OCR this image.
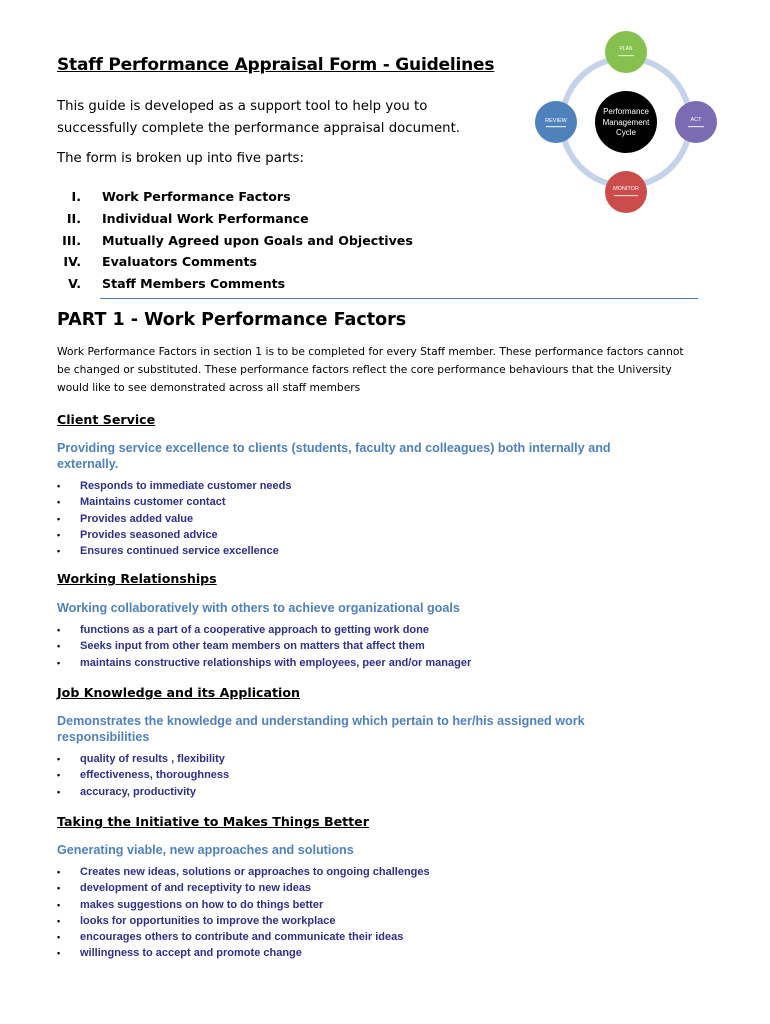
Staff Performance Appraisal Form - Guidelines

This guide is developed as a support tool to help you to successfully complete the performance appraisal document.

The form is broken up into five parts:

I. Work Performance Factors
II. Individual Work Performance
III. Mutually Agreed upon Goals and Objectives
IV. Evaluators Comments
V. Staff Members Comments
Performance
Management
Cycle
PLAN
REVIEW	ACT
MONITOR
PART 1 - Work Performance Factors

Work Performance Factors in section 1 is to be completed for every Staff member. These performance factors cannot be changed or substituted. These performance factors reflect the core performance behaviours that the University would like to see demonstrated across all staff members

Client Service

Providing service excellence to clients (students, faculty and colleagues) both internally and externally.

• Responds to immediate customer needs
• Maintains customer contact
• Provides added value
• Provides seasoned advice
• Ensures continued service excellence
Working Relationships

Working collaboratively with others to achieve organizational goals

• functions as a part of a cooperative approach to getting work done
• Seeks input from other team members on matters that affect them
• maintains constructive relationships with employees, peer and/or manager
Job Knowledge and its Application

Demonstrates the knowledge and understanding which pertain to her/his assigned work responsibilities

• quality of results , flexibility
• effectiveness, thoroughness
• accuracy, productivity
Taking the Initiative to Makes Things Better

Generating viable, new approaches and solutions

• Creates new ideas, solutions or approaches to ongoing challenges
• development of and receptivity to new ideas
• makes suggestions on how to do things better
• looks for opportunities to improve the workplace
• encourages others to contribute and communicate their ideas
• willingness to accept and promote change
